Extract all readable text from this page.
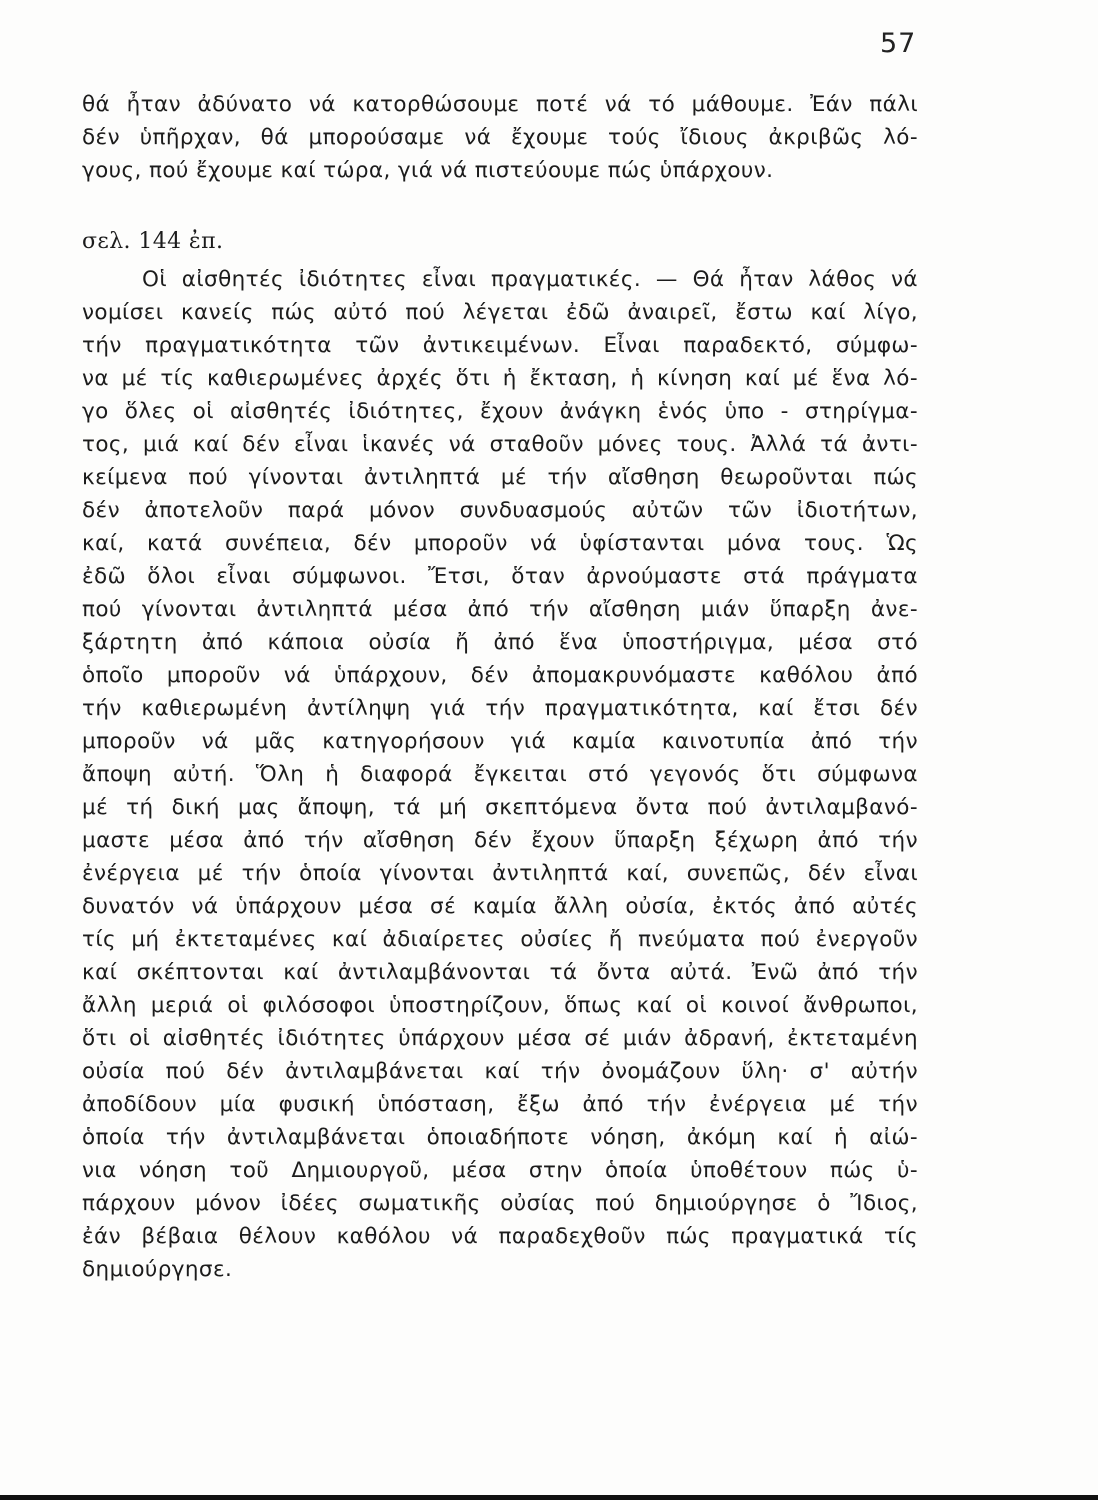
57
θά ἦταν ἀδύνατο νά κατορθώσουμε ποτέ νά τό μάθουμε. Ἐάν πάλι
δέν ὑπῆρχαν, θά μπορούσαμε νά ἔχουμε τούς ἴδιους ἀκριβῶς λό-
γους, πού ἔχουμε καί τώρα, γιά νά πιστεύουμε πώς ὑπάρχουν.
σελ. 144 ἐπ.
Οἱ αἰσθητές ἰδιότητες εἶναι πραγματικές. — Θά ἦταν λάθος νά
νομίσει κανείς πώς αὐτό πού λέγεται ἐδῶ ἀναιρεῖ, ἔστω καί λίγο,
τήν πραγματικότητα τῶν ἀντικειμένων. Εἶναι παραδεκτό, σύμφω-
να μέ τίς καθιερωμένες ἀρχές ὅτι ἡ ἔκταση, ἡ κίνηση καί μέ ἕνα λό-
γο ὅλες οἱ αἰσθητές ἰδιότητες, ἔχουν ἀνάγκη ἑνός ὑπο - στηρίγμα-
τος, μιά καί δέν εἶναι ἱκανές νά σταθοῦν μόνες τους. Ἀλλά τά ἀντι-
κείμενα πού γίνονται ἀντιληπτά μέ τήν αἴσθηση θεωροῦνται πώς
δέν ἀποτελοῦν παρά μόνον συνδυασμούς αὐτῶν τῶν ἰδιοτήτων,
καί, κατά συνέπεια, δέν μποροῦν νά ὑφίστανται μόνα τους. Ὡς
ἐδῶ ὅλοι εἶναι σύμφωνοι. Ἔτσι, ὅταν ἀρνούμαστε στά πράγματα
πού γίνονται ἀντιληπτά μέσα ἀπό τήν αἴσθηση μιάν ὕπαρξη ἀνε-
ξάρτητη ἀπό κάποια οὐσία ἤ ἀπό ἕνα ὑποστήριγμα, μέσα στό
ὁποῖο μποροῦν νά ὑπάρχουν, δέν ἀπομακρυνόμαστε καθόλου ἀπό
τήν καθιερωμένη ἀντίληψη γιά τήν πραγματικότητα, καί ἔτσι δέν
μποροῦν νά μᾶς κατηγορήσουν γιά καμία καινοτυπία ἀπό τήν
ἄποψη αὐτή. Ὅλη ἡ διαφορά ἔγκειται στό γεγονός ὅτι σύμφωνα
μέ τή δική μας ἄποψη, τά μή σκεπτόμενα ὄντα πού ἀντιλαμβανό-
μαστε μέσα ἀπό τήν αἴσθηση δέν ἔχουν ὕπαρξη ξέχωρη ἀπό τήν
ἐνέργεια μέ τήν ὁποία γίνονται ἀντιληπτά καί, συνεπῶς, δέν εἶναι
δυνατόν νά ὑπάρχουν μέσα σέ καμία ἄλλη οὐσία, ἐκτός ἀπό αὐτές
τίς μή ἐκτεταμένες καί ἀδιαίρετες οὐσίες ἤ πνεύματα πού ἐνεργοῦν
καί σκέπτονται καί ἀντιλαμβάνονται τά ὄντα αὐτά. Ἐνῶ ἀπό τήν
ἄλλη μεριά οἱ φιλόσοφοι ὑποστηρίζουν, ὅπως καί οἱ κοινοί ἄνθρωποι,
ὅτι οἱ αἰσθητές ἰδιότητες ὑπάρχουν μέσα σέ μιάν ἀδρανή, ἐκτεταμένη
οὐσία πού δέν ἀντιλαμβάνεται καί τήν ὀνομάζουν ὕλη· σ' αὐτήν
ἀποδίδουν μία φυσική ὑπόσταση, ἔξω ἀπό τήν ἐνέργεια μέ τήν
ὁποία τήν ἀντιλαμβάνεται ὁποιαδήποτε νόηση, ἀκόμη καί ἡ αἰώ-
νια νόηση τοῦ Δημιουργοῦ, μέσα στην ὁποία ὑποθέτουν πώς ὑ-
πάρχουν μόνον ἰδέες σωματικῆς οὐσίας πού δημιούργησε ὁ Ἴδιος,
ἐάν βέβαια θέλουν καθόλου νά παραδεχθοῦν πώς πραγματικά τίς
δημιούργησε.
